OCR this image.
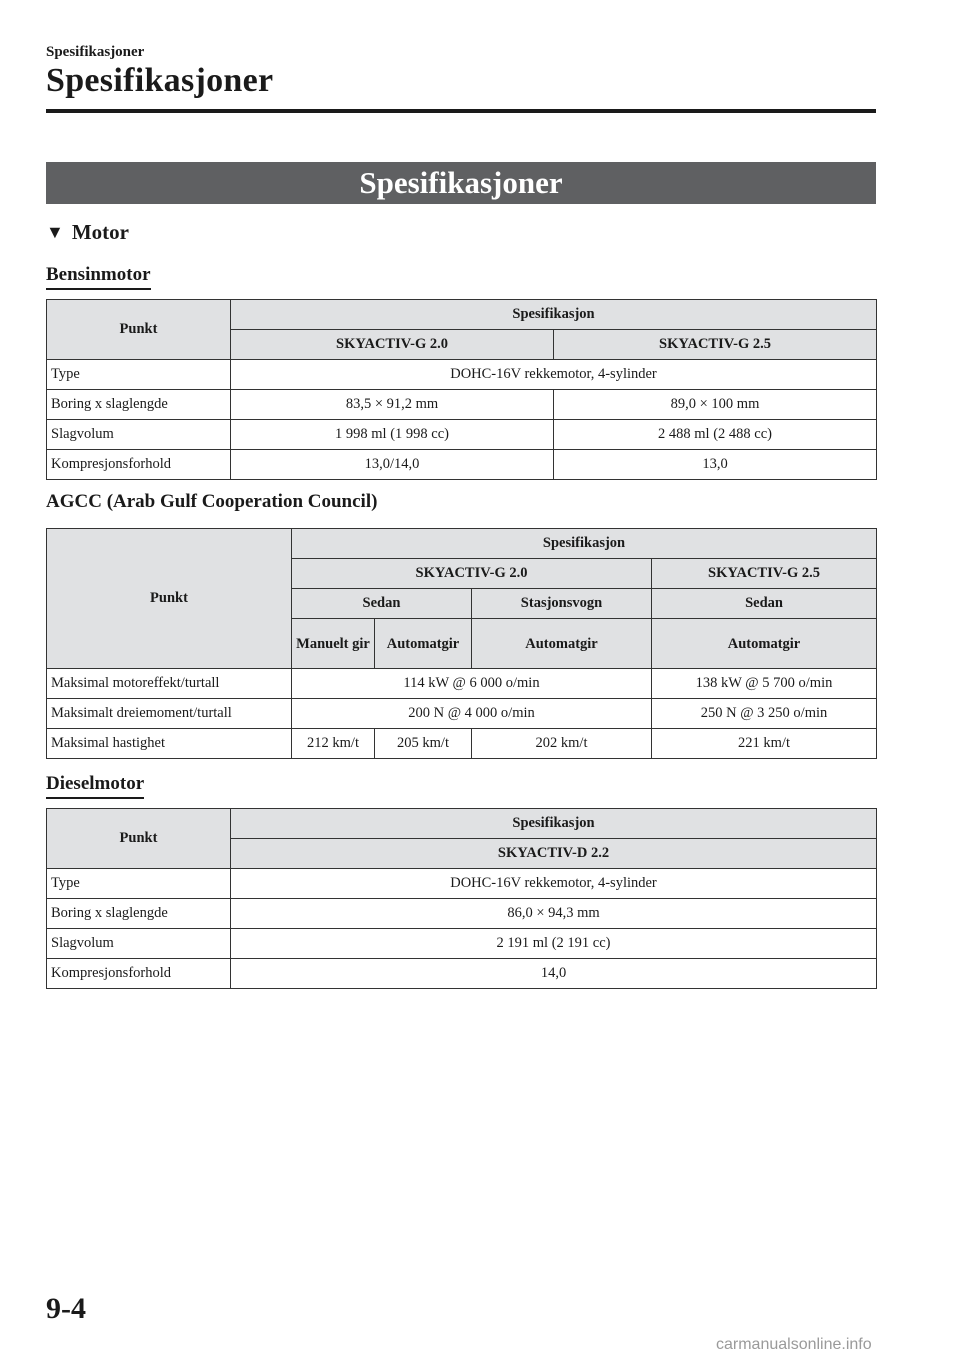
Spesifikasjoner
Spesifikasjoner
Spesifikasjoner
▼ Motor
Bensinmotor
Punkt	Spesifikasjon	
	SKYACTIV-G 2.0	SKYACTIV-G 2.5
Type	DOHC-16V rekkemotor, 4-sylinder	
Boring x slaglengde	83,5 × 91,2 mm	89,0 × 100 mm
Slagvolum	1 998 ml (1 998 cc)	2 488 ml (2 488 cc)
Kompresjonsforhold	13,0/14,0	13,0
AGCC (Arab Gulf Cooperation Council)
Punkt	Spesifikasjon			
	SKYACTIV-G 2.0			SKYACTIV-G 2.5
	Sedan		Stasjonsvogn	Sedan
	Manuelt gir	Automatgir	Automatgir	Automatgir
Maksimal motoreffekt/turtall	114 kW @ 6 000 o/min			138 kW @ 5 700 o/min
Maksimalt dreiemoment/turtall	200 N @ 4 000 o/min			250 N @ 3 250 o/min
Maksimal hastighet	212 km/t	205 km/t	202 km/t	221 km/t
Dieselmotor
Punkt	Spesifikasjon
	SKYACTIV-D 2.2
Type	DOHC-16V rekkemotor, 4-sylinder
Boring x slaglengde	86,0 × 94,3 mm
Slagvolum	2 191 ml (2 191 cc)
Kompresjonsforhold	14,0
9-4
carmanualsonline.info
